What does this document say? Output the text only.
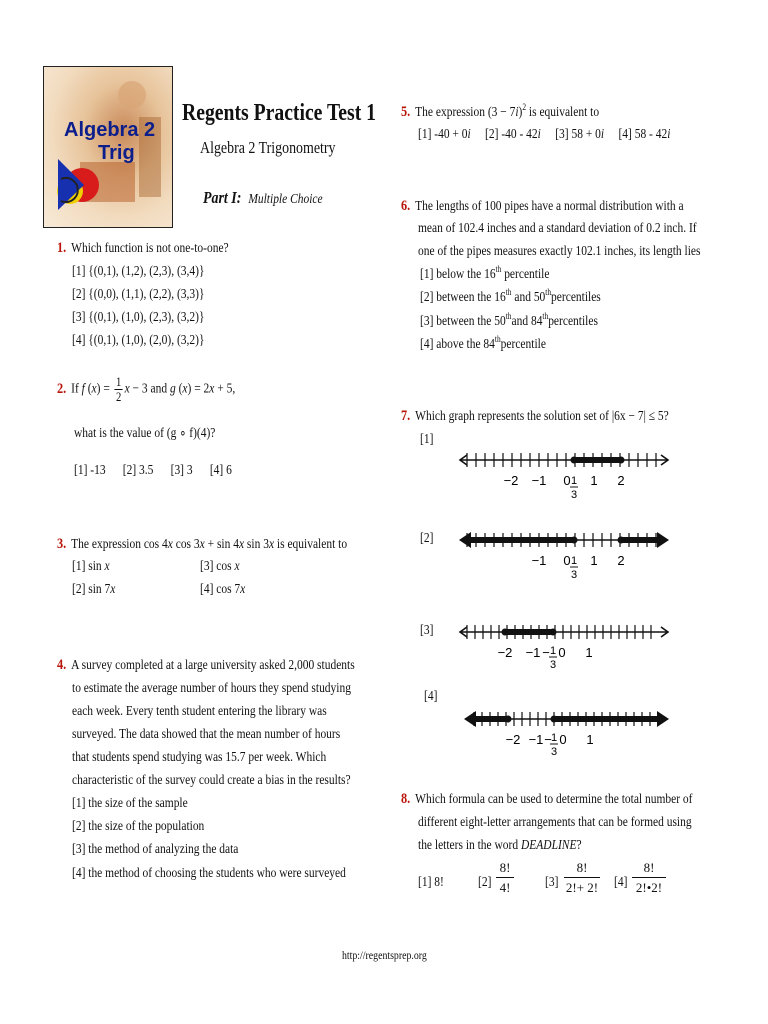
Algebra 2
Trig
Regents Practice Test 1
Algebra 2 Trigonometry
Part I: Multiple Choice
1. Which function is not one-to-one?
[1] {(0,1), (1,2), (2,3), (3,4)}
[2] {(0,0), (1,1), (2,2), (3,3)}
[3] {(0,1), (1,0), (2,3), (3,2)}
[4] {(0,1), (1,0), (2,0), (3,2)}
2. If f $(x) = \frac{1}{2}$ x − 3 and g (x) = 2x + 5,
what is the value of (g ∘ f)(4)?
[1] -13 [2] 3.5 [3] 3 [4] 6
3. The expression cos 4x cos 3x + sin 4x sin 3x is equivalent to
[1] sin x	[3] cos x
[2] sin 7x	[4] cos 7x
4. A survey completed at a large university asked 2,000 students
to estimate the average number of hours they spend studying
each week. Every tenth student entering the library was
surveyed. The data showed that the mean number of hours
that students spend studying was 15.7 per week. Which
characteristic of the survey could create a bias in the results?
[1] the size of the sample
[2] the size of the population
[3] the method of analyzing the data
[4] the method of choosing the students who were surveyed
5. The expression $(3 - 7i)^2$ is equivalent to
[1] -40 + 0i [2] -40 - 42i [3] 58 + 0i [4] 58 - 42i
6. The lengths of 100 pipes have a normal distribution with a
mean of 102.4 inches and a standard deviation of 0.2 inch. If
one of the pipes measures exactly 102.1 inches, its length lies
[1] below the 16th percentile
[2] between the 16th and 50thpercentiles
[3] between the 50thand 84thpercentiles
[4] above the 84thpercentile
7. Which graph represents the solution set of |6x − 7| ≤ 5?
[1]
[2]
[3]
[4]
−2 −1 0 1
3
1 2
−1 0 1
3
1 2
−2 −1 − 1
3
0 1
−2 −1 − 1
3
0 1
8. Which formula can be used to determine the total number of
different eight-letter arrangements that can be formed using
the letters in the word DEADLINE?
[1] 8!	[2]
8!
4! [3]
8!
2!+ 2! [4]
8!
2!•2!
http://regentsprep.org
